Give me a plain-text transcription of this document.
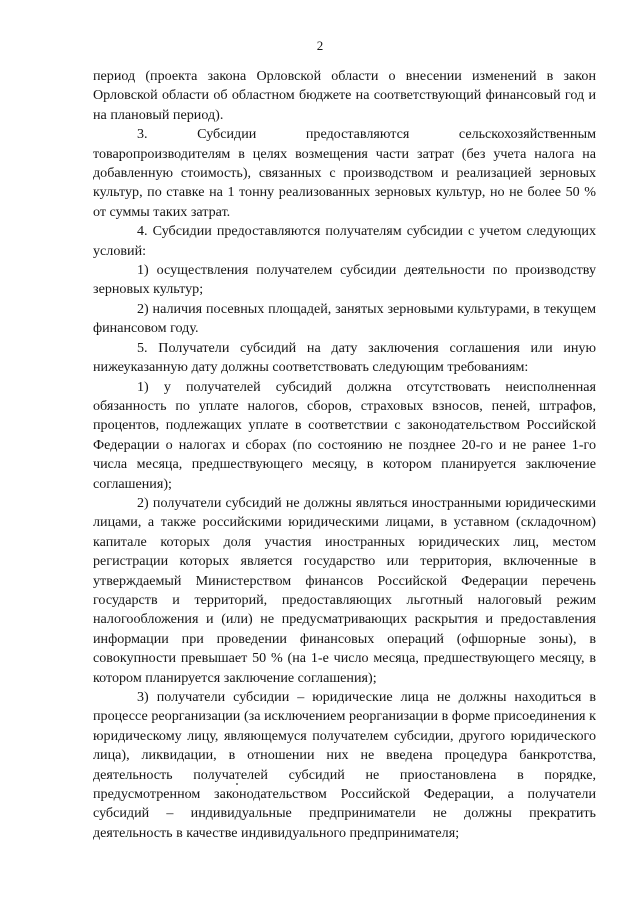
2

период (проекта закона Орловской области о внесении изменений в закон Орловской области об областном бюджете на соответствующий финансовый год и на плановый период).

3. Субсидии предоставляются сельскохозяйственным товаропроизводителям в целях возмещения части затрат (без учета налога на добавленную стоимость), связанных с производством и реализацией зерновых культур, по ставке на 1 тонну реализованных зерновых культур, но не более 50 % от суммы таких затрат.

4. Субсидии предоставляются получателям субсидии с учетом следующих условий:

1) осуществления получателем субсидии деятельности по производству зерновых культур;

2) наличия посевных площадей, занятых зерновыми культурами, в текущем финансовом году.

5. Получатели субсидий на дату заключения соглашения или иную нижеуказанную дату должны соответствовать следующим требованиям:

1) у получателей субсидий должна отсутствовать неисполненная обязанность по уплате налогов, сборов, страховых взносов, пеней, штрафов, процентов, подлежащих уплате в соответствии с законодательством Российской Федерации о налогах и сборах (по состоянию не позднее 20-го и не ранее 1-го числа месяца, предшествующего месяцу, в котором планируется заключение соглашения);

2) получатели субсидий не должны являться иностранными юридическими лицами, а также российскими юридическими лицами, в уставном (складочном) капитале которых доля участия иностранных юридических лиц, местом регистрации которых является государство или территория, включенные в утверждаемый Министерством финансов Российской Федерации перечень государств и территорий, предоставляющих льготный налоговый режим налогообложения и (или) не предусматривающих раскрытия и предоставления информации при проведении финансовых операций (офшорные зоны), в совокупности превышает 50 % (на 1-е число месяца, предшествующего месяцу, в котором планируется заключение соглашения);

3) получатели субсидии – юридические лица не должны находиться в процессе реорганизации (за исключением реорганизации в форме присоединения к юридическому лицу, являющемуся получателем субсидии, другого юридического лица), ликвидации, в отношении них не введена процедура банкротства, деятельность получателей субсидий не приостановлена в порядке, предусмотренном законодательством Российской Федерации, а получатели субсидий – индивидуальные предприниматели не должны прекратить деятельность в качестве индивидуального предпринимателя;
